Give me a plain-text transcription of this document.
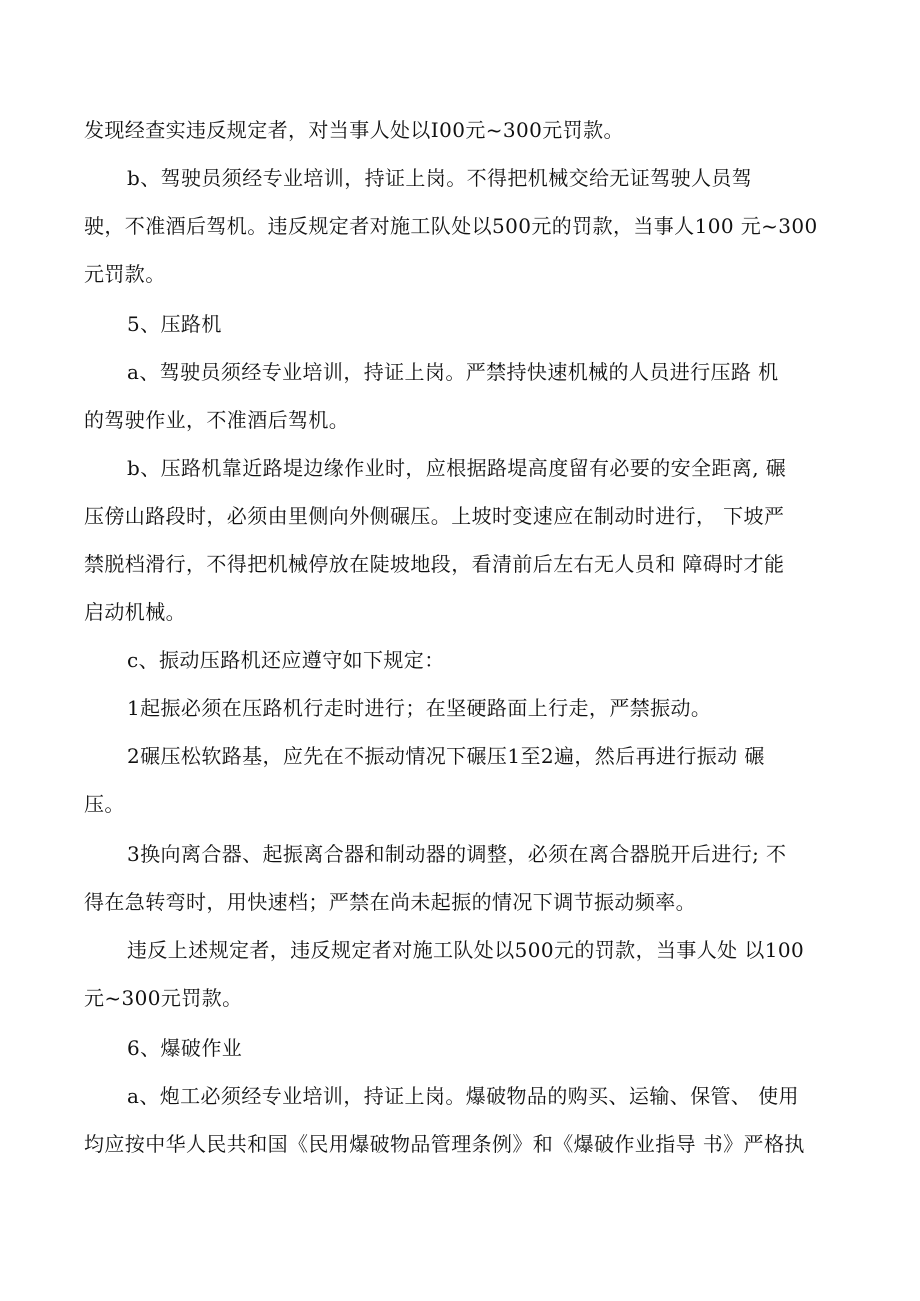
发现经查实违反规定者，对当事人处以I00元~300元罚款。
b、驾驶员须经专业培训，持证上岗。不得把机械交给无证驾驶人员驾
驶，不准酒后驾机。违反规定者对施工队处以500元的罚款，当事人100 元~300
元罚款。
5、压路机
a、驾驶员须经专业培训，持证上岗。严禁持快速机械的人员进行压路 机
的驾驶作业，不准酒后驾机。
b、压路机靠近路堤边缘作业时，应根据路堤高度留有必要的安全距离, 碾
压傍山路段时，必须由里侧向外侧碾压。上坡时变速应在制动时进行， 下坡严
禁脱档滑行，不得把机械停放在陡坡地段，看清前后左右无人员和 障碍时才能
启动机械。
c、振动压路机还应遵守如下规定：
1起振必须在压路机行走时进行；在坚硬路面上行走，严禁振动。
2碾压松软路基，应先在不振动情况下碾压1至2遍，然后再进行振动 碾
压。
3换向离合器、起振离合器和制动器的调整，必须在离合器脱开后进行; 不
得在急转弯时，用快速档；严禁在尚未起振的情况下调节振动频率。
违反上述规定者，违反规定者对施工队处以500元的罚款，当事人处 以100
元~300元罚款。
6、爆破作业
a、炮工必须经专业培训，持证上岗。爆破物品的购买、运输、保管、 使用
均应按中华人民共和国《民用爆破物品管理条例》和《爆破作业指导 书》严格执
